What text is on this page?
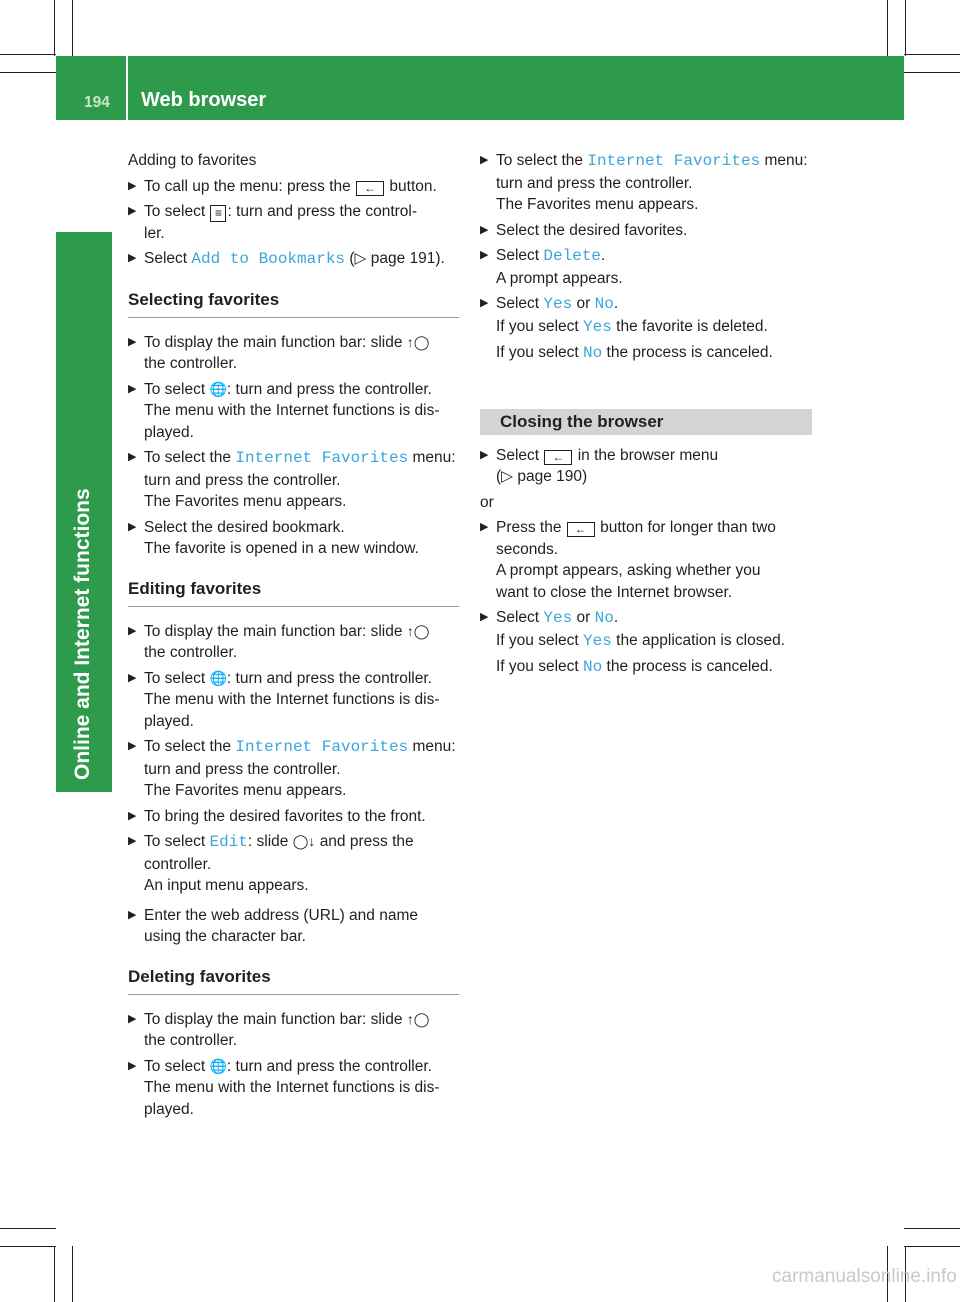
194 Web browser
Online and Internet functions

Adding to favorites

▶ To call up the menu: press the ← button.
▶ To select ≡ : turn and press the control-
ler.
▶ Select Add to Bookmarks (▷ page 191).
Selecting favorites
▶ To display the main function bar: slide ↑◯
the controller.
▶ To select 🌐: turn and press the controller.
The menu with the Internet functions is dis-
played.
▶ To select the Internet Favorites menu:
turn and press the controller.
The Favorites menu appears.
▶ Select the desired bookmark.
The favorite is opened in a new window.
Editing favorites
▶ To display the main function bar: slide ↑◯
the controller.
▶ To select 🌐: turn and press the controller.
The menu with the Internet functions is dis-
played.
▶ To select the Internet Favorites menu:
turn and press the controller.
The Favorites menu appears.
▶ To bring the desired favorites to the front.
▶ To select Edit: slide ◯↓ and press the
controller.
An input menu appears.
▶ Enter the web address (URL) and name
using the character bar.
Deleting favorites
▶ To display the main function bar: slide ↑◯
the controller.
▶ To select 🌐: turn and press the controller.
The menu with the Internet functions is dis-
played.
▶ To select the Internet Favorites menu:
turn and press the controller.
The Favorites menu appears.
▶ Select the desired favorites.
▶ Select Delete.
A prompt appears.
▶ Select Yes or No.
If you select Yes the favorite is deleted.

If you select No the process is canceled.

Closing the browser
▶ Select ← in the browser menu
(▷ page 190)

or

▶ Press the ← button for longer than two
seconds.
A prompt appears, asking whether you
want to close the Internet browser.
▶ Select Yes or No.
If you select Yes the application is closed.

If you select No the process is canceled.

carmanualsonline.info
